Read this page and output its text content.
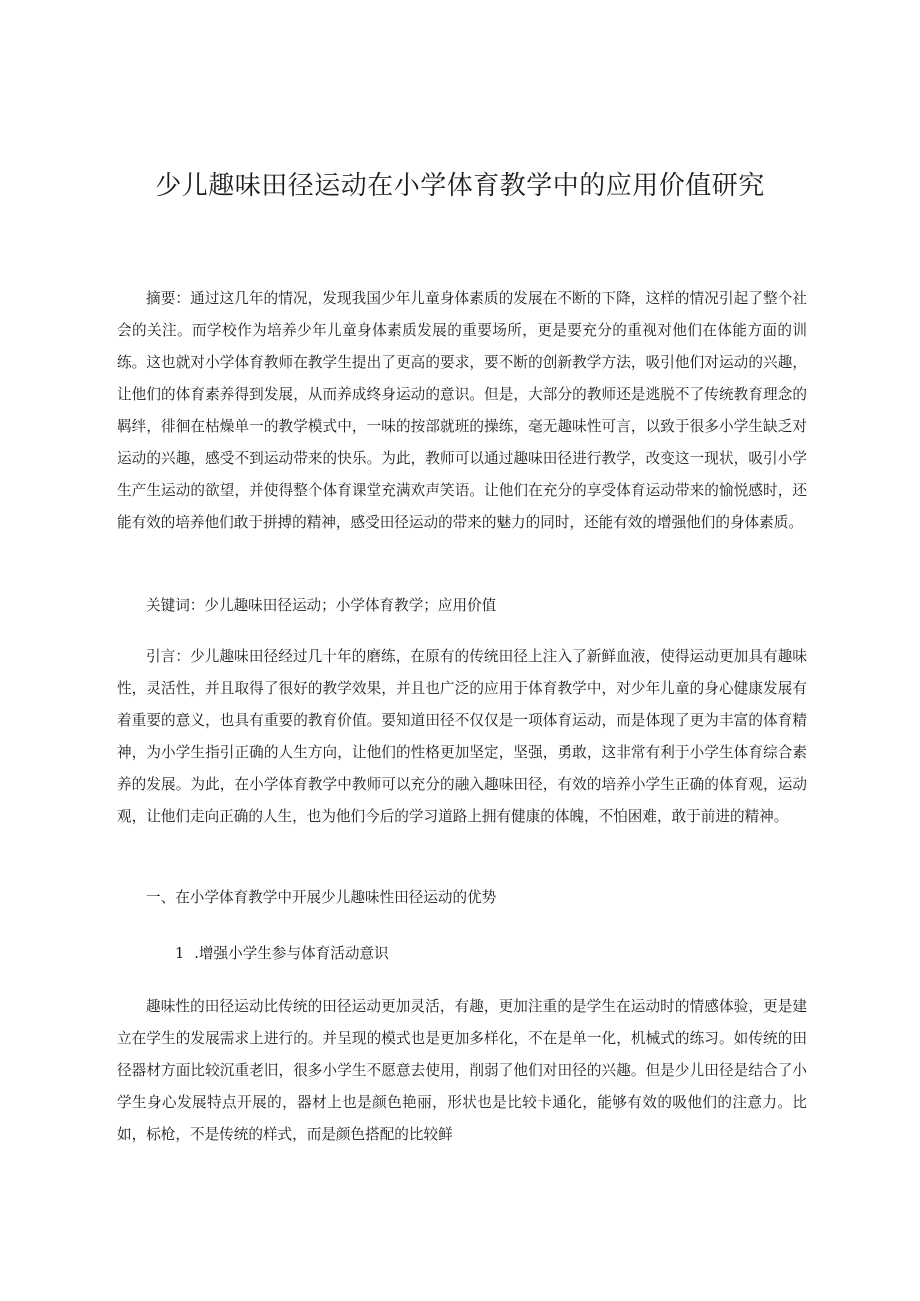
少儿趣味田径运动在小学体育教学中的应用价值研究

摘要：通过这几年的情况，发现我国少年儿童身体素质的发展在不断的下降，这样的情况引起了整个社会的关注。而学校作为培养少年儿童身体素质发展的重要场所，更是要充分的重视对他们在体能方面的训练。这也就对小学体育教师在教学生提出了更高的要求，要不断的创新教学方法，吸引他们对运动的兴趣，让他们的体育素养得到发展，从而养成终身运动的意识。但是，大部分的教师还是逃脱不了传统教育理念的羁绊，徘徊在枯燥单一的教学模式中，一味的按部就班的操练，毫无趣味性可言，以致于很多小学生缺乏对运动的兴趣，感受不到运动带来的快乐。为此，教师可以通过趣味田径进行教学，改变这一现状，吸引小学生产生运动的欲望，并使得整个体育课堂充满欢声笑语。让他们在充分的享受体育运动带来的愉悦感时，还能有效的培养他们敢于拼搏的精神，感受田径运动的带来的魅力的同时，还能有效的增强他们的身体素质。

关键词：少儿趣味田径运动；小学体育教学；应用价值

引言：少儿趣味田径经过几十年的磨练，在原有的传统田径上注入了新鲜血液，使得运动更加具有趣味性，灵活性，并且取得了很好的教学效果，并且也广泛的应用于体育教学中，对少年儿童的身心健康发展有着重要的意义，也具有重要的教育价值。要知道田径不仅仅是一项体育运动，而是体现了更为丰富的体育精神，为小学生指引正确的人生方向，让他们的性格更加坚定，坚强，勇敢，这非常有利于小学生体育综合素养的发展。为此，在小学体育教学中教师可以充分的融入趣味田径，有效的培养小学生正确的体育观，运动观，让他们走向正确的人生，也为他们今后的学习道路上拥有健康的体魄，不怕困难，敢于前进的精神。

一、在小学体育教学中开展少儿趣味性田径运动的优势

1 .增强小学生参与体育活动意识

趣味性的田径运动比传统的田径运动更加灵活，有趣，更加注重的是学生在运动时的情感体验，更是建立在学生的发展需求上进行的。并呈现的模式也是更加多样化，不在是单一化，机械式的练习。如传统的田径器材方面比较沉重老旧，很多小学生不愿意去使用，削弱了他们对田径的兴趣。但是少儿田径是结合了小学生身心发展特点开展的，器材上也是颜色艳丽，形状也是比较卡通化，能够有效的吸他们的注意力。比如，标枪，不是传统的样式，而是颜色搭配的比较鲜
